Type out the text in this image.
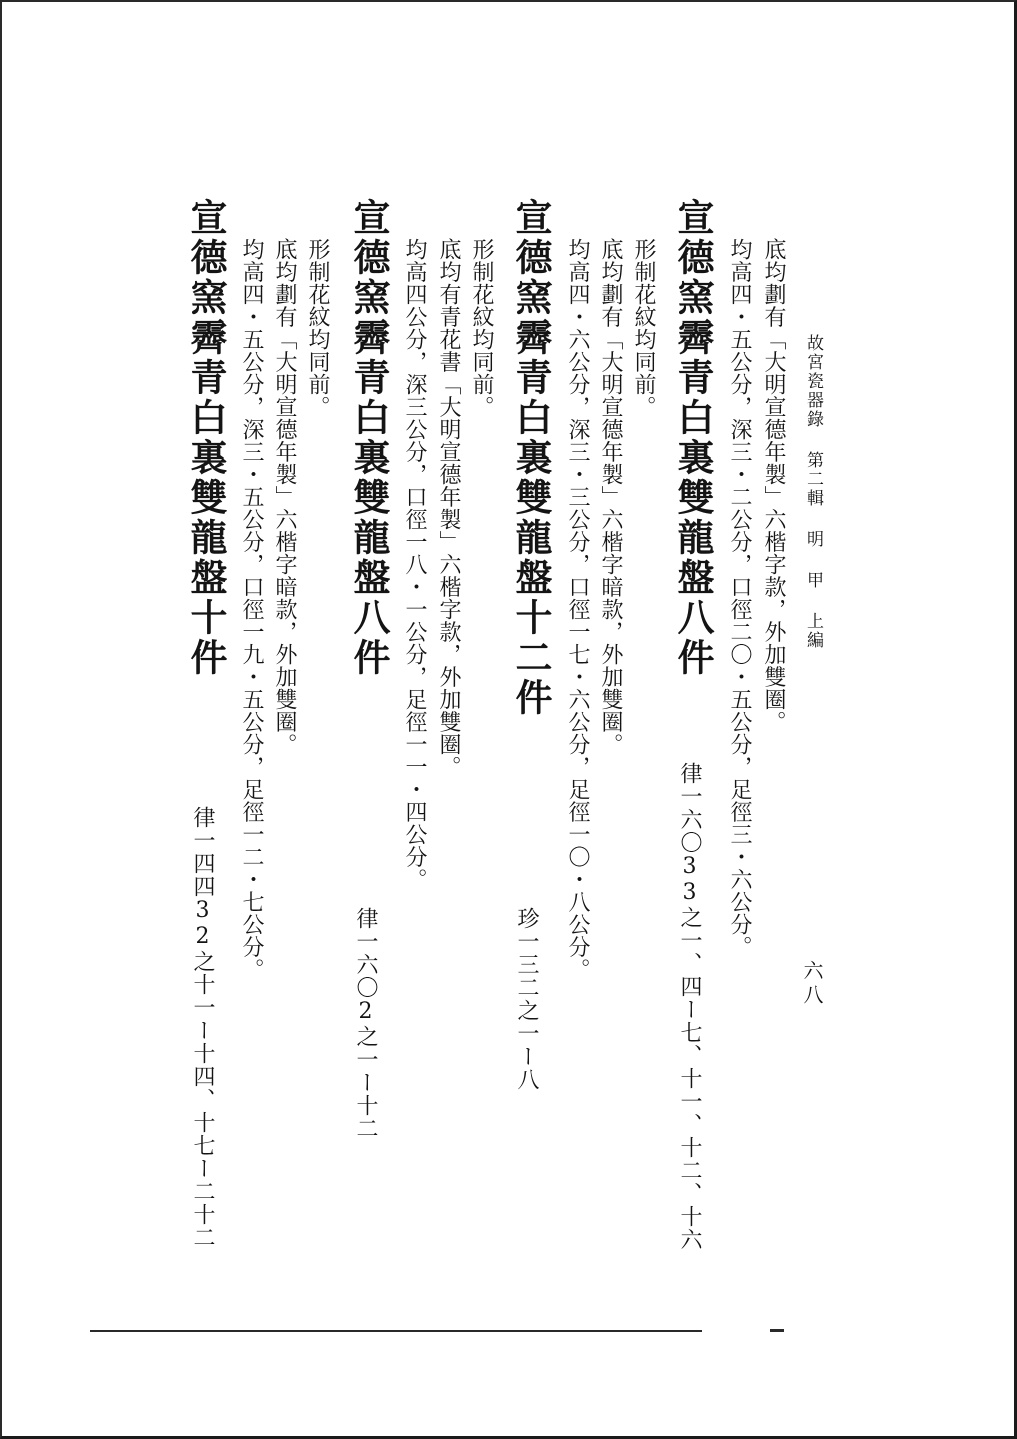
故宮瓷器錄 第二輯 明 甲 上編
六八
底均劃有「大明宣德年製」六楷字款，外加雙圈。
均高四・五公分，深三・二公分，口徑二〇・五公分，足徑三・六公分。
律一六〇33之一、四ー七、十一、十二、十六
宣德窯霽青白裏雙龍盤八件
形制花紋均同前。
底均劃有「大明宣德年製」六楷字暗款，外加雙圈。
均高四・六公分，深三・三公分，口徑一七・六公分，足徑一〇・八公分。
珍一三二之一ー八
宣德窯霽青白裏雙龍盤十二件
形制花紋均同前。
底均有青花書「大明宣德年製」六楷字款，外加雙圈。
均高四公分，深三公分，口徑一八・一公分，足徑一一・四公分。
律一六〇2之一ー十二
宣德窯霽青白裏雙龍盤八件
形制花紋均同前。
底均劃有「大明宣德年製」六楷字暗款，外加雙圈。
均高四・五公分，深三・五公分，口徑一九・五公分，足徑一二・七公分。
律一四四32之十一ー十四、十七ー二十二
宣德窯霽青白裏雙龍盤十件
